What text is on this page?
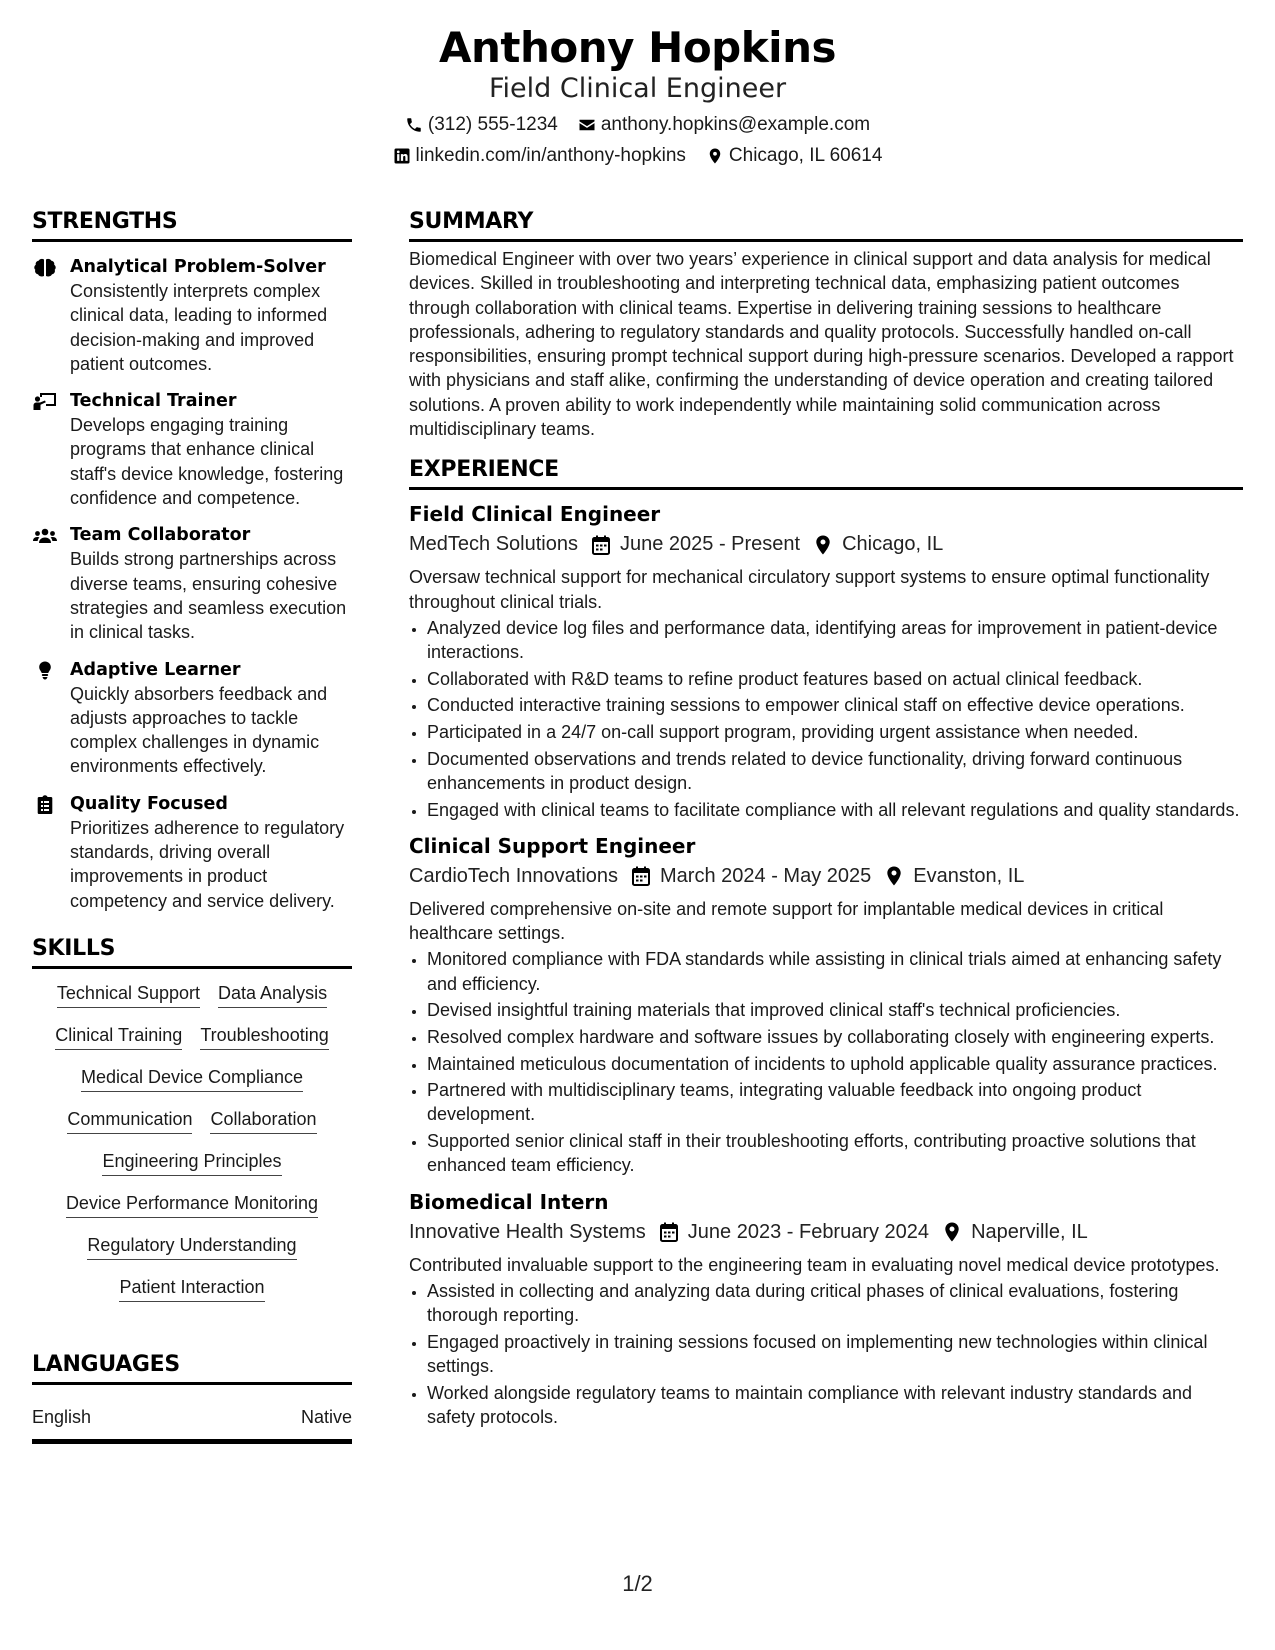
Anthony Hopkins
Field Clinical Engineer
(312) 555-1234 anthony.hopkins@example.com
linkedin.com/in/anthony-hopkins Chicago, IL 60614
STRENGTHS
Analytical Problem-Solver
Consistently interprets complex clinical data, leading to informed decision-making and improved patient outcomes.
Technical Trainer
Develops engaging training programs that enhance clinical staff's device knowledge, fostering confidence and competence.
Team Collaborator
Builds strong partnerships across diverse teams, ensuring cohesive strategies and seamless execution in clinical tasks.
Adaptive Learner
Quickly absorbers feedback and adjusts approaches to tackle complex challenges in dynamic environments effectively.
Quality Focused
Prioritizes adherence to regulatory standards, driving overall improvements in product competency and service delivery.
SKILLS
Technical Support Data Analysis
Clinical Training Troubleshooting
Medical Device Compliance
Communication Collaboration
Engineering Principles
Device Performance Monitoring
Regulatory Understanding
Patient Interaction
LANGUAGES
English	Native
SUMMARY
Biomedical Engineer with over two years’ experience in clinical support and data analysis for medical devices. Skilled in troubleshooting and interpreting technical data, emphasizing patient outcomes through collaboration with clinical teams. Expertise in delivering training sessions to healthcare professionals, adhering to regulatory standards and quality protocols. Successfully handled on-call responsibilities, ensuring prompt technical support during high-pressure scenarios. Developed a rapport with physicians and staff alike, confirming the understanding of device operation and creating tailored solutions. A proven ability to work independently while maintaining solid communication across multidisciplinary teams.
EXPERIENCE
Field Clinical Engineer
MedTech Solutions June 2025 - Present Chicago, IL
Oversaw technical support for mechanical circulatory support systems to ensure optimal functionality throughout clinical trials.
• Analyzed device log files and performance data, identifying areas for improvement in patient-device interactions.
• Collaborated with R&D teams to refine product features based on actual clinical feedback.
• Conducted interactive training sessions to empower clinical staff on effective device operations.
• Participated in a 24/7 on-call support program, providing urgent assistance when needed.
• Documented observations and trends related to device functionality, driving forward continuous enhancements in product design.
• Engaged with clinical teams to facilitate compliance with all relevant regulations and quality standards.
Clinical Support Engineer
CardioTech Innovations March 2024 - May 2025 Evanston, IL
Delivered comprehensive on-site and remote support for implantable medical devices in critical healthcare settings.
• Monitored compliance with FDA standards while assisting in clinical trials aimed at enhancing safety and efficiency.
• Devised insightful training materials that improved clinical staff's technical proficiencies.
• Resolved complex hardware and software issues by collaborating closely with engineering experts.
• Maintained meticulous documentation of incidents to uphold applicable quality assurance practices.
• Partnered with multidisciplinary teams, integrating valuable feedback into ongoing product development.
• Supported senior clinical staff in their troubleshooting efforts, contributing proactive solutions that enhanced team efficiency.
Biomedical Intern
Innovative Health Systems June 2023 - February 2024 Naperville, IL
Contributed invaluable support to the engineering team in evaluating novel medical device prototypes.
• Assisted in collecting and analyzing data during critical phases of clinical evaluations, fostering thorough reporting.
• Engaged proactively in training sessions focused on implementing new technologies within clinical settings.
• Worked alongside regulatory teams to maintain compliance with relevant industry standards and safety protocols.
1/2
